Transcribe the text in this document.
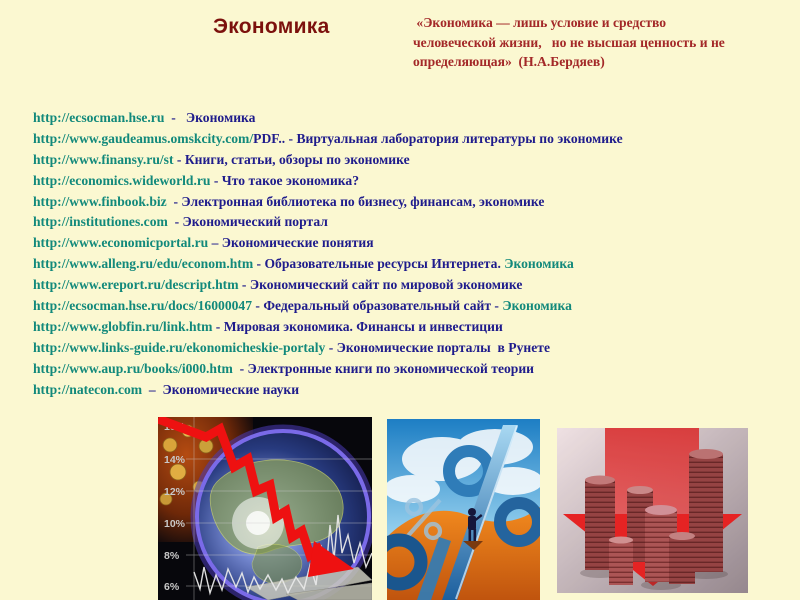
Экономика	«Экономика — лишь условие и средство
человеческой жизни,   но не высшая ценность и не
определяющая»  (Н.А.Бердяев)
http://ecsocman.hse.ru  -   Экономика
http://www.gaudeamus.omskcity.com/PDF.. - Виртуальная лаборатория литературы по экономике
http://www.finansy.ru/st - Книги, статьи, обзоры по экономике
http://economics.wideworld.ru - Что такое экономика?
http://www.finbook.biz  - Электронная библиотека по бизнесу, финансам, экономике
http://institutiones.com  - Экономический портал
http://www.economicportal.ru – Экономические понятия
http://www.alleng.ru/edu/econom.htm - Образовательные ресурсы Интернета. Экономика
http://www.ereport.ru/descript.htm - Экономический сайт по мировой экономике
http://ecsocman.hse.ru/docs/16000047 - Федеральный образовательный сайт - Экономика
http://www.globfin.ru/link.htm - Мировая экономика. Финансы и инвестиции
http://www.links-guide.ru/ekonomicheskie-portaly - Экономические порталы  в Рунете
http://www.aup.ru/books/i000.htm  - Электронные книги по экономической теории
http://natecon.com  –  Экономические науки
16%
14%
12%
10%
8%
6%
